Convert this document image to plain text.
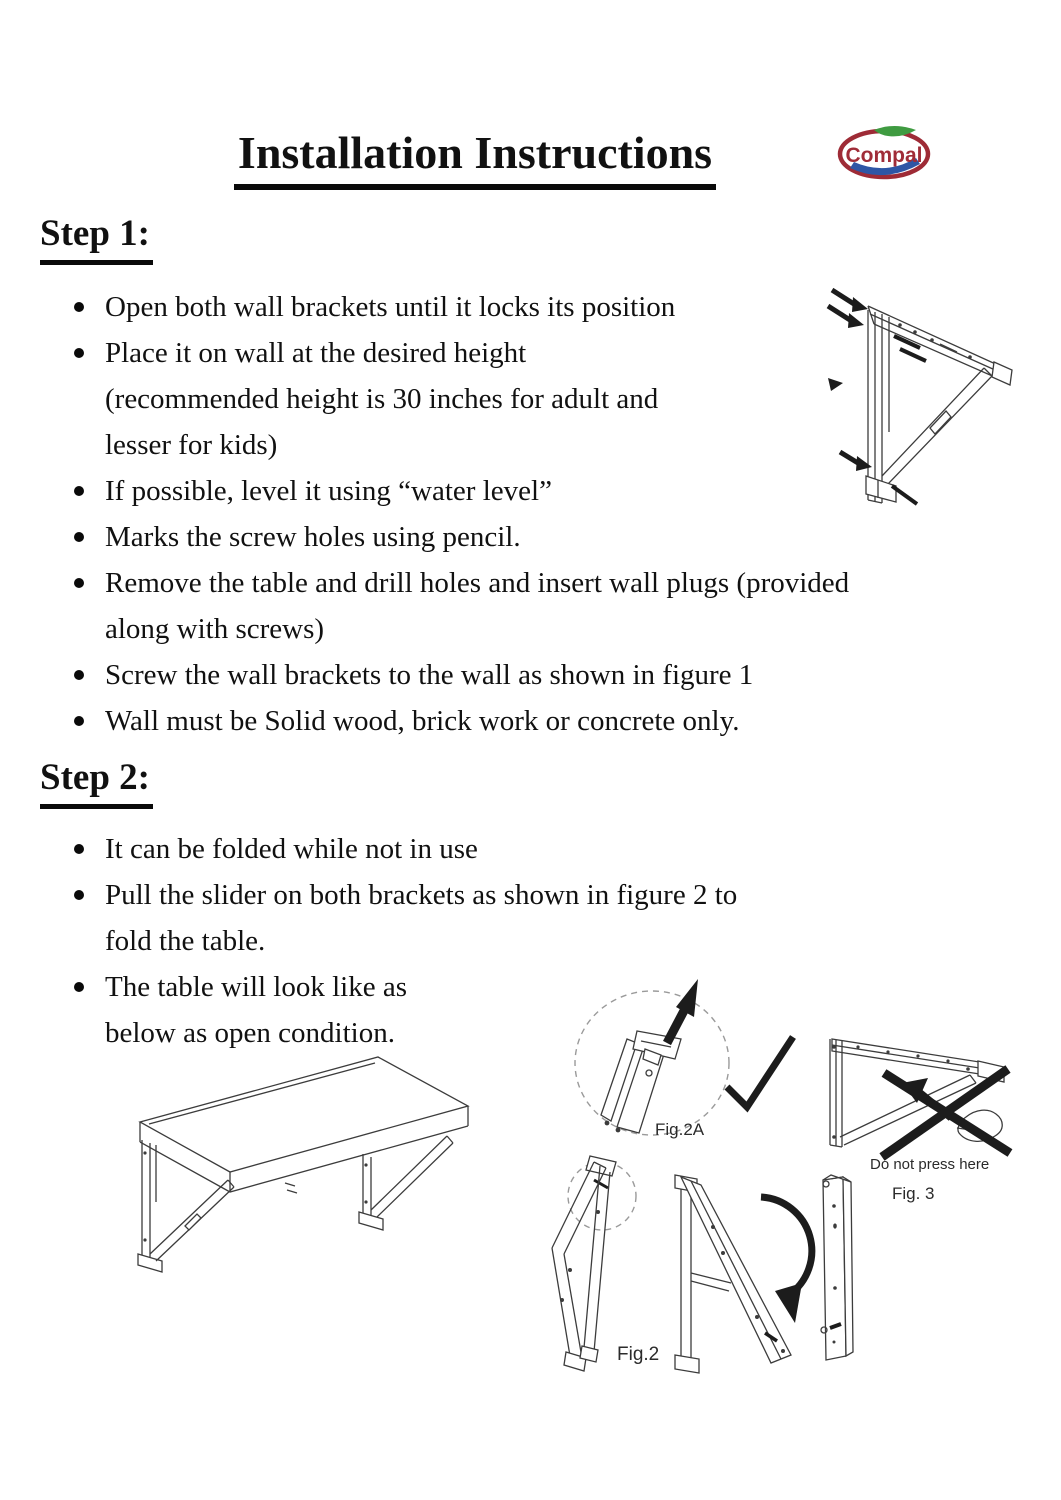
Installation Instructions	Compal
Step 1:
Open both wall brackets until it locks its position
Place it on wall at the desired height
(recommended height is 30 inches for adult and
lesser for kids)
If possible, level it using “water level”
Marks the screw holes using pencil.
Remove the table and drill holes and insert wall plugs (provided
along with screws)
Screw the wall brackets to the wall as shown in figure 1
Wall must be Solid wood, brick work or concrete only.
Step 2:
It can be folded while not in use
Pull the slider on both brackets as shown in figure 2 to
fold the table.
The table will look like as
below as open condition.
Fig.2A
Fig.2
Do not press here
Fig. 3
